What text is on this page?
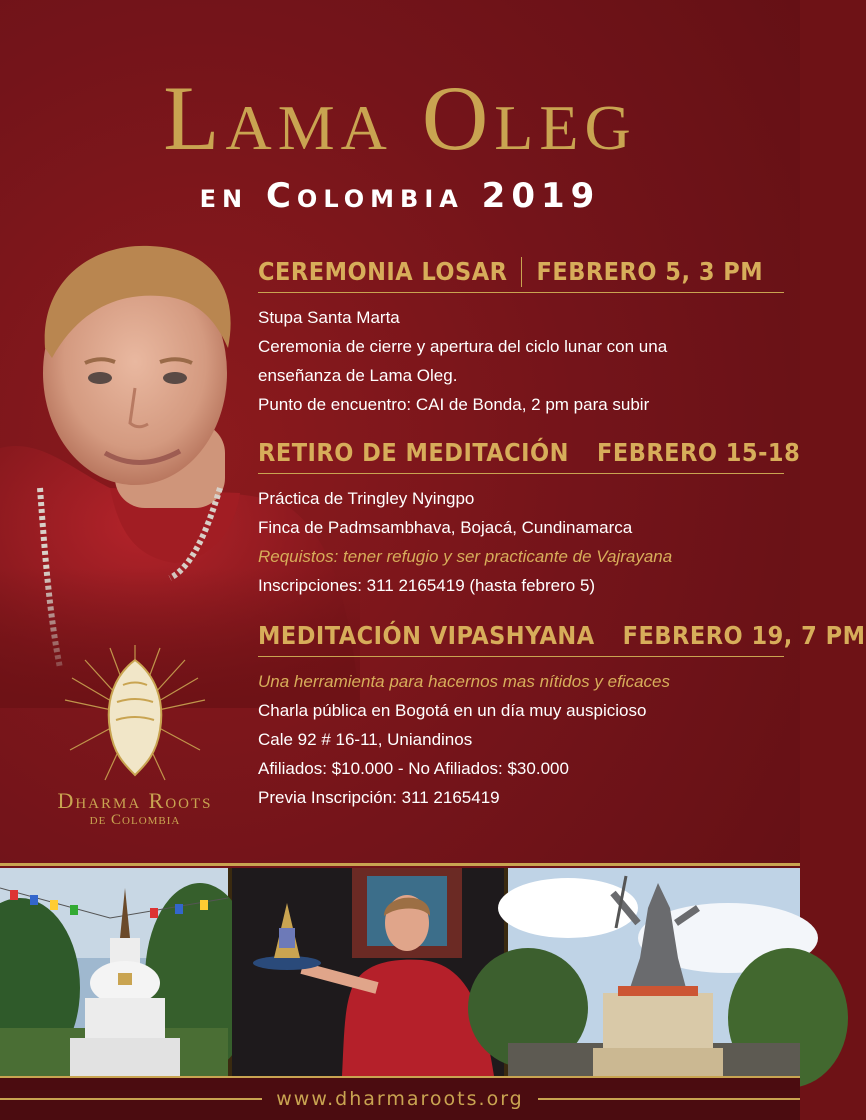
Lama Oleg
en Colombia 2019
Dharma Roots
de Colombia
CEREMONIA LOSAR FEBRERO 5, 3 PM
Stupa Santa Marta
Ceremonia de cierre y apertura del ciclo lunar con una
enseñanza de Lama Oleg.
Punto de encuentro: CAI de Bonda, 2 pm para subir
RETIRO DE MEDITACIÓN FEBRERO 15-18
Práctica de Tringley Nyingpo
Finca de Padmsambhava, Bojacá, Cundinamarca
Requistos: tener refugio y ser practicante de Vajrayana
Inscripciones: 311 2165419 (hasta febrero 5)
MEDITACIÓN VIPASHYANA FEBRERO 19, 7 PM
Una herramienta para hacernos mas nítidos y eficaces
Charla pública en Bogotá en un día muy auspicioso
Cale 92 # 16-11, Uniandinos
Afiliados: $10.000 - No Afiliados: $30.000
Previa Inscripción: 311 2165419
www.dharmaroots.org
